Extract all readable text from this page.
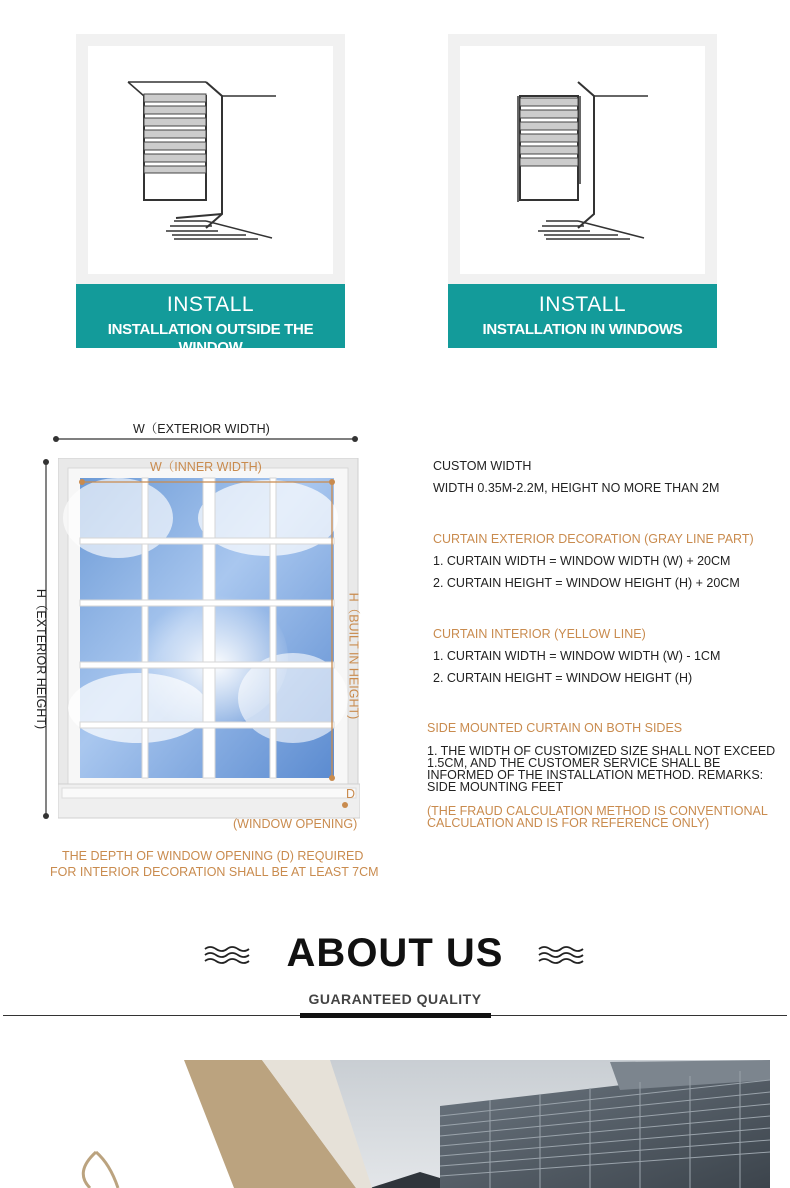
INSTALL
INSTALLATION OUTSIDE THE WINDOW
INSTALL
INSTALLATION IN WINDOWS
W（EXTERIOR WIDTH)
H（EXTERIOR HEIGHT)
W（INNER WIDTH)
H（BUILT IN HEIGHT)
D
(WINDOW OPENING)
THE DEPTH OF WINDOW OPENING (D) REQUIRED
FOR INTERIOR DECORATION SHALL BE AT LEAST 7CM
CUSTOM WIDTH
WIDTH 0.35M-2.2M, HEIGHT NO MORE THAN 2M
CURTAIN EXTERIOR DECORATION (GRAY LINE PART)
1. CURTAIN WIDTH = WINDOW WIDTH (W) + 20CM
2. CURTAIN HEIGHT = WINDOW HEIGHT (H) + 20CM
CURTAIN INTERIOR (YELLOW LINE)
1. CURTAIN WIDTH = WINDOW WIDTH (W) - 1CM
2. CURTAIN HEIGHT = WINDOW HEIGHT (H)
SIDE MOUNTED CURTAIN ON BOTH SIDES
1. THE WIDTH OF CUSTOMIZED SIZE SHALL NOT EXCEED 1.5CM, AND THE CUSTOMER SERVICE SHALL BE INFORMED OF THE INSTALLATION METHOD. REMARKS: SIDE MOUNTING FEET
(THE FRAUD CALCULATION METHOD IS CONVENTIONAL CALCULATION AND IS FOR REFERENCE ONLY)
ABOUT US
GUARANTEED QUALITY
